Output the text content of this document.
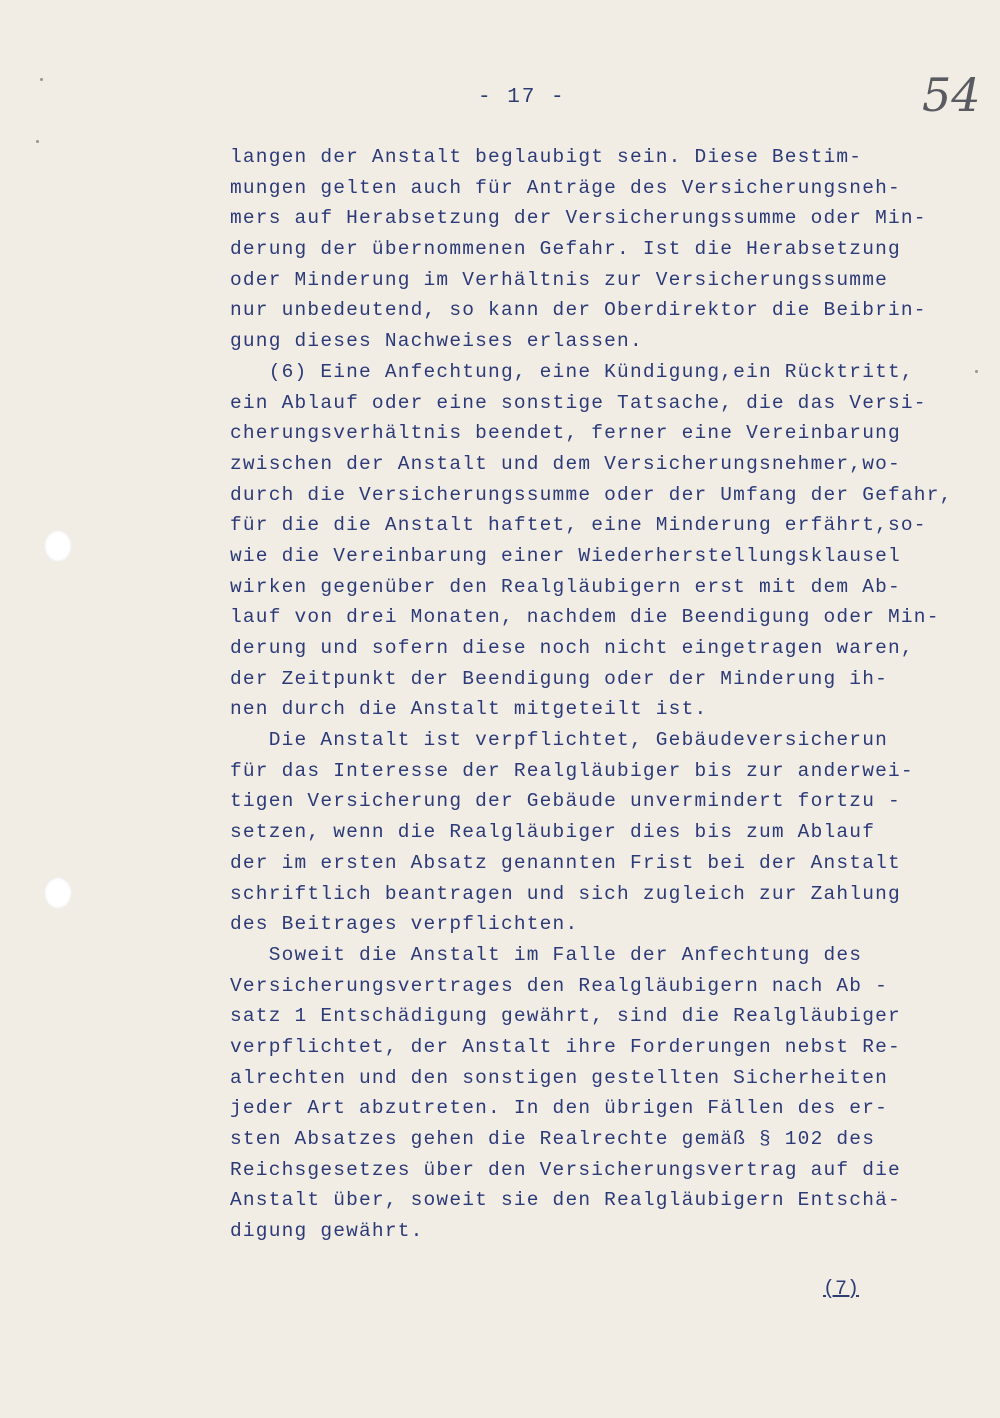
- 17 -	54
langen der Anstalt beglaubigt sein. Diese Bestim-
mungen gelten auch für Anträge des Versicherungsneh-
mers auf Herabsetzung der Versicherungssumme oder Min-
derung der übernommenen Gefahr. Ist die Herabsetzung
oder Minderung im Verhältnis zur Versicherungssumme
nur unbedeutend, so kann der Oberdirektor die Beibrin-
gung dieses Nachweises erlassen.
(6) Eine Anfechtung, eine Kündigung,ein Rücktritt,
ein Ablauf oder eine sonstige Tatsache, die das Versi-
cherungsverhältnis beendet, ferner eine Vereinbarung
zwischen der Anstalt und dem Versicherungsnehmer,wo-
durch die Versicherungssumme oder der Umfang der Gefahr,
für die die Anstalt haftet, eine Minderung erfährt,so-
wie die Vereinbarung einer Wiederherstellungsklausel
wirken gegenüber den Realgläubigern erst mit dem Ab-
lauf von drei Monaten, nachdem die Beendigung oder Min-
derung und sofern diese noch nicht eingetragen waren,
der Zeitpunkt der Beendigung oder der Minderung ih-
nen durch die Anstalt mitgeteilt ist.
Die Anstalt ist verpflichtet, Gebäudeversicherun
für das Interesse der Realgläubiger bis zur anderwei-
tigen Versicherung der Gebäude unvermindert fortzu -
setzen, wenn die Realgläubiger dies bis zum Ablauf
der im ersten Absatz genannten Frist bei der Anstalt
schriftlich beantragen und sich zugleich zur Zahlung
des Beitrages verpflichten.
Soweit die Anstalt im Falle der Anfechtung des
Versicherungsvertrages den Realgläubigern nach Ab -
satz 1 Entschädigung gewährt, sind die Realgläubiger
verpflichtet, der Anstalt ihre Forderungen nebst Re-
alrechten und den sonstigen gestellten Sicherheiten
jeder Art abzutreten. In den übrigen Fällen des er-
sten Absatzes gehen die Realrechte gemäß § 102 des
Reichsgesetzes über den Versicherungsvertrag auf die
Anstalt über, soweit sie den Realgläubigern Entschä-
digung gewährt.
(7)
